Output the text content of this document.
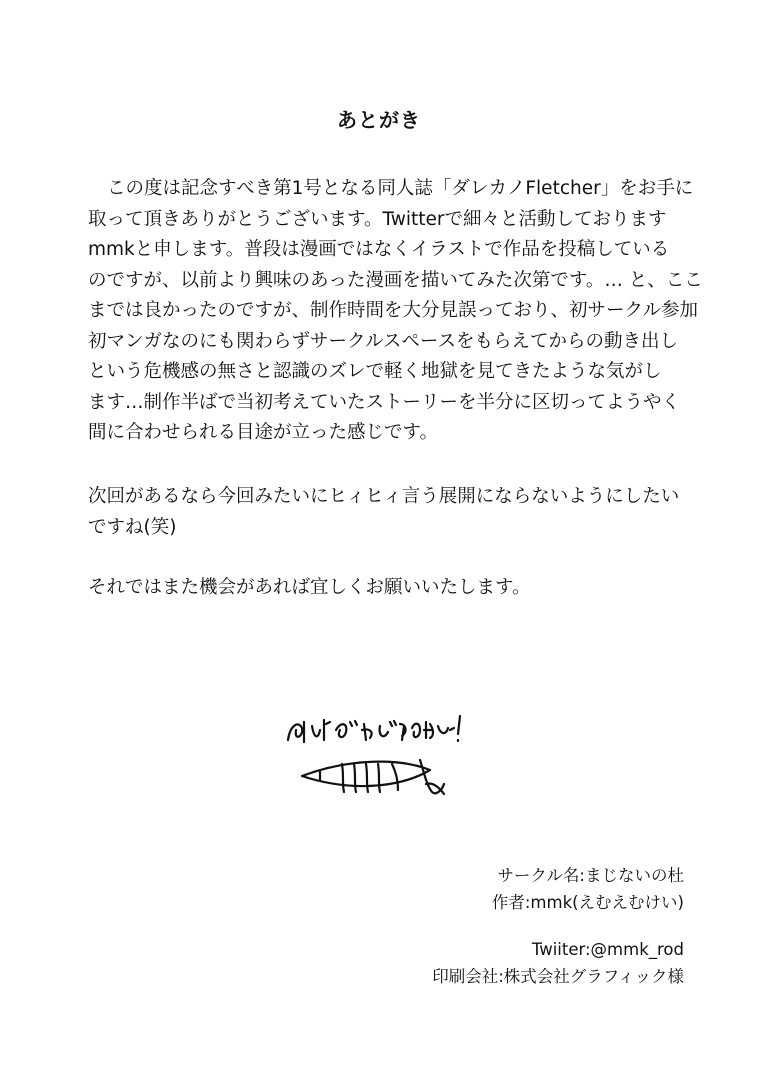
あとがき
この度は記念すべき第1号となる同人誌「ダレカノFletcher」をお手に
取って頂きありがとうございます。Twitterで細々と活動しております
mmkと申します。普段は漫画ではなくイラストで作品を投稿している
のですが、以前より興味のあった漫画を描いてみた次第です。… と、ここ
までは良かったのですが、制作時間を大分見誤っており、初サークル参加
初マンガなのにも関わらずサークルスペースをもらえてからの動き出し
という危機感の無さと認識のズレで軽く地獄を見てきたような気がし
ます…制作半ばで当初考えていたストーリーを半分に区切ってようやく
間に合わせられる目途が立った感じです。
次回があるなら今回みたいにヒィヒィ言う展開にならないようにしたい
ですね(笑)
それではまた機会があれば宜しくお願いいたします。
サークル名:まじないの杜
作者:mmk(えむえむけい)
Twiiter:@mmk_rod
印刷会社:株式会社グラフィック様
